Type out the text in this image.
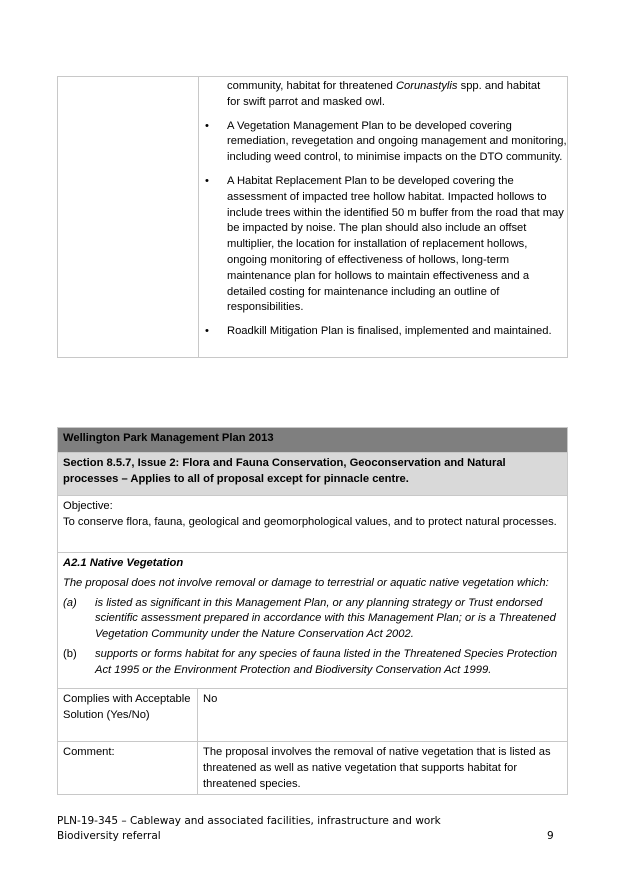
community, habitat for threatened Corunastylis spp. and habitat
for swift parrot and masked owl.
• A Vegetation Management Plan to be developed covering remediation, revegetation and ongoing management and monitoring, including weed control, to minimise impacts on the DTO community.
• A Habitat Replacement Plan to be developed covering the assessment of impacted tree hollow habitat. Impacted hollows to include trees within the identified 50 m buffer from the road that may be impacted by noise. The plan should also include an offset multiplier, the location for installation of replacement hollows, ongoing monitoring of effectiveness of hollows, long-term maintenance plan for hollows to maintain effectiveness and a detailed costing for maintenance including an outline of responsibilities.
• Roadkill Mitigation Plan is finalised, implemented and maintained.
Wellington Park Management Plan 2013
Section 8.5.7, Issue 2: Flora and Fauna Conservation, Geoconservation and Natural processes – Applies to all of proposal except for pinnacle centre.
Objective:
To conserve flora, fauna, geological and geomorphological values, and to protect natural processes.
A2.1 Native Vegetation
The proposal does not involve removal or damage to terrestrial or aquatic native vegetation which:
(a) is listed as significant in this Management Plan, or any planning strategy or Trust endorsed scientific assessment prepared in accordance with this Management Plan; or is a Threatened Vegetation Community under the Nature Conservation Act 2002.
(b) supports or forms habitat for any species of fauna listed in the Threatened Species Protection Act 1995 or the Environment Protection and Biodiversity Conservation Act 1999.
Complies with Acceptable Solution (Yes/No)
No
Comment:	The proposal involves the removal of native vegetation that is listed as threatened as well as native vegetation that supports habitat for threatened species.
PLN-19-345 – Cableway and associated facilities, infrastructure and work
Biodiversity referral	9
